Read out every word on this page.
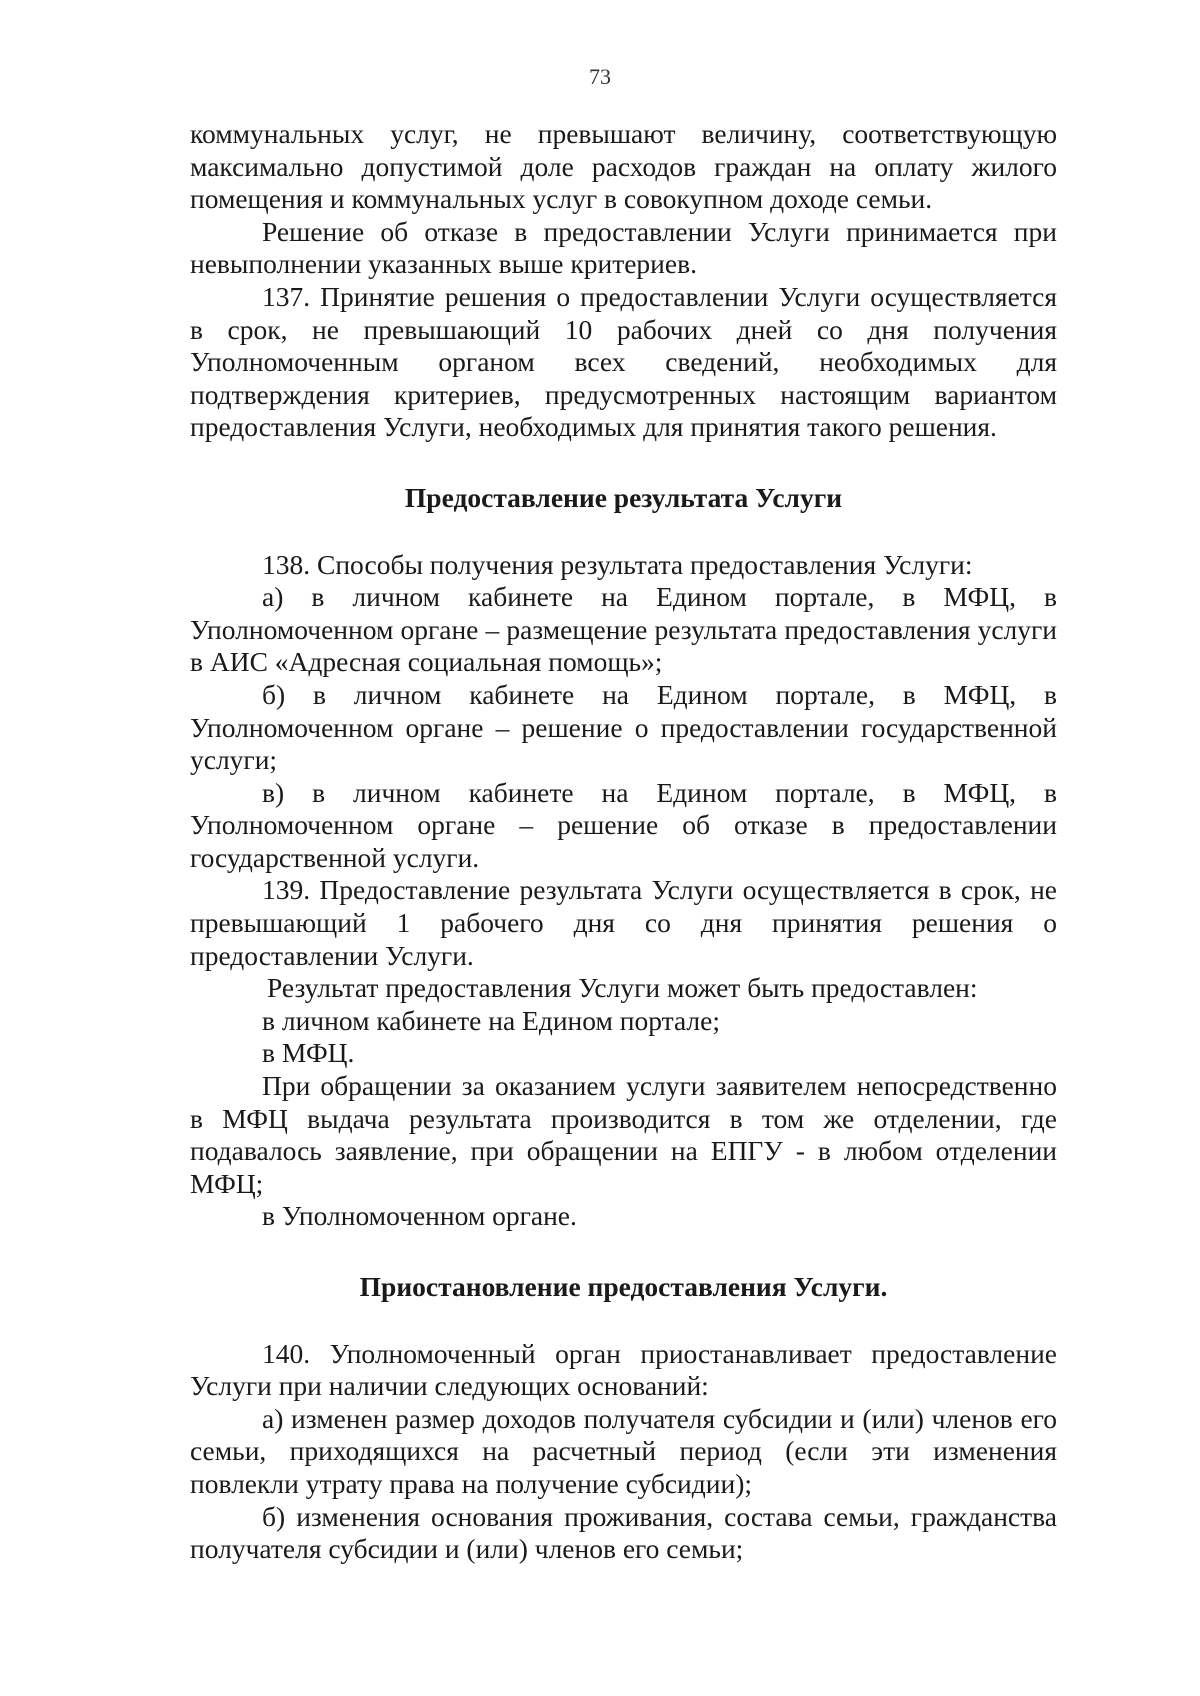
73

коммунальных услуг, не превышают величину, соответствующую максимально допустимой доле расходов граждан на оплату жилого помещения и коммунальных услуг в совокупном доходе семьи.

Решение об отказе в предоставлении Услуги принимается при невыполнении указанных выше критериев.

137. Принятие решения о предоставлении Услуги осуществляется в срок, не превышающий 10 рабочих дней со дня получения Уполномоченным органом всех сведений, необходимых для подтверждения критериев, предусмотренных настоящим вариантом предоставления Услуги, необходимых для принятия такого решения.

Предоставление результата Услуги

138. Способы получения результата предоставления Услуги:

а) в личном кабинете на Едином портале, в МФЦ, в Уполномоченном органе – размещение результата предоставления услуги в АИС «Адресная социальная помощь»;

б) в личном кабинете на Едином портале, в МФЦ, в Уполномоченном органе – решение о предоставлении государственной услуги;

в) в личном кабинете на Едином портале, в МФЦ, в Уполномоченном органе – решение об отказе в предоставлении государственной услуги.

139. Предоставление результата Услуги осуществляется в срок, не превышающий 1 рабочего дня со дня принятия решения о предоставлении Услуги.

Результат предоставления Услуги может быть предоставлен:

в личном кабинете на Едином портале;

в МФЦ.

При обращении за оказанием услуги заявителем непосредственно в МФЦ выдача результата производится в том же отделении, где подавалось заявление, при обращении на ЕПГУ - в любом отделении МФЦ;

в Уполномоченном органе.

Приостановление предоставления Услуги.

140. Уполномоченный орган приостанавливает предоставление Услуги при наличии следующих оснований:

а) изменен размер доходов получателя субсидии и (или) членов его семьи, приходящихся на расчетный период (если эти изменения повлекли утрату права на получение субсидии);

б) изменения основания проживания, состава семьи, гражданства получателя субсидии и (или) членов его семьи;
